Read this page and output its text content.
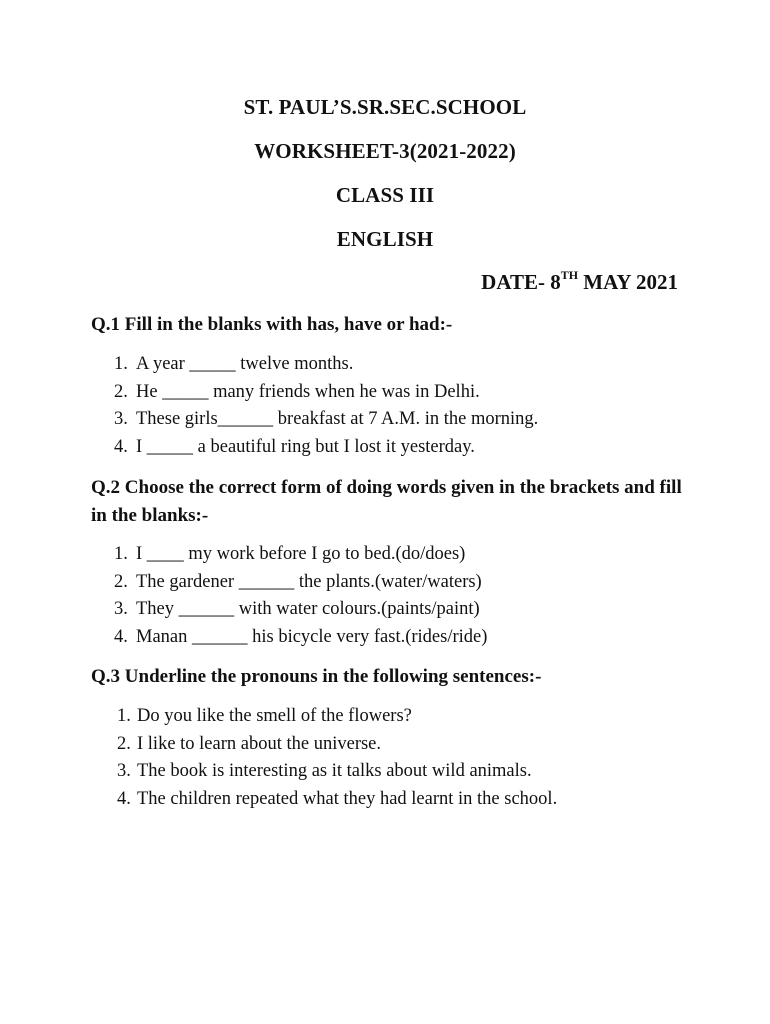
ST. PAUL’S.SR.SEC.SCHOOL
WORKSHEET-3(2021-2022)
CLASS III
ENGLISH
DATE- 8TH MAY 2021
Q.1 Fill in the blanks with has, have or had:-
1. A year _____ twelve months.
2. He _____ many friends when he was in Delhi.
3. These girls______ breakfast at 7 A.M. in the morning.
4. I _____ a beautiful ring but I lost it yesterday.
Q.2 Choose the correct form of doing words given in the brackets and fill in the blanks:-
1. I ____ my work before I go to bed.(do/does)
2. The gardener ______ the plants.(water/waters)
3. They ______ with water colours.(paints/paint)
4. Manan ______ his bicycle very fast.(rides/ride)
Q.3 Underline the pronouns in the following sentences:-
1. Do you like the smell of the flowers?
2. I like to learn about the universe.
3. The book is interesting as it talks about wild animals.
4. The children repeated what they had learnt in the school.
